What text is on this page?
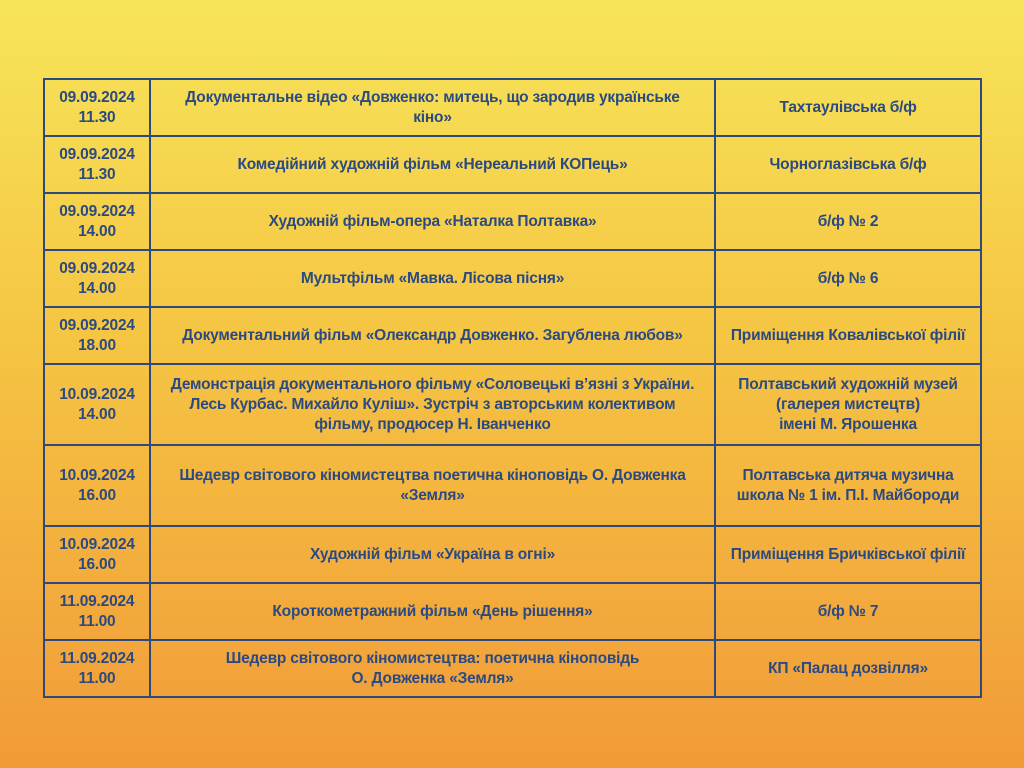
09.09.2024
11.30	Документальне відео «Довженко: митець, що зародив українське
кіно»	Тахтаулівська б/ф

09.09.2024
11.30	Комедійний художній фільм «Нереальний КОПець»	Чорноглазівська б/ф

09.09.2024
14.00	Художній фільм-опера «Наталка Полтавка»	б/ф № 2

09.09.2024
14.00	Мультфільм «Мавка. Лісова пісня»	б/ф № 6

09.09.2024
18.00	Документальний фільм «Олександр Довженко. Загублена любов»	Приміщення Ковалівської філії

10.09.2024
14.00	Демонстрація документального фільму «Соловецькі в’язні з України.
Лесь Курбас. Михайло Куліш». Зустріч з авторським колективом
фільму, продюсер Н. Іванченко	Полтавський художній музей
(галерея мистецтв)
імені М. Ярошенка

10.09.2024
16.00	Шедевр світового кіномистецтва поетична кіноповідь О. Довженка
«Земля»	Полтавська дитяча музична
школа № 1 ім. П.І. Майбороди

10.09.2024
16.00	Художній фільм «Україна в огні»	Приміщення Бричківської філії

11.09.2024
11.00	Короткометражний фільм «День рішення»	б/ф № 7

11.09.2024
11.00	Шедевр світового кіномистецтва: поетична кіноповідь
О. Довженка «Земля»	КП «Палац дозвілля»
